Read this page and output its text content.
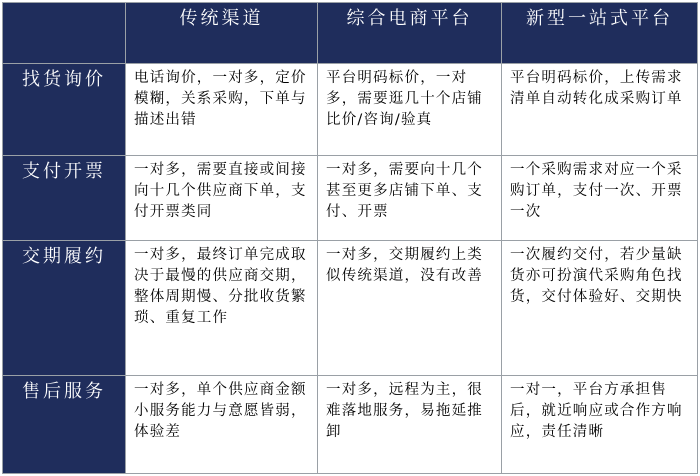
	传统渠道	综合电商平台	新型一站式平台
找货询价	电话询价，一对多，定价模糊，关系采购，下单与描述出错	平台明码标价，一对多，需要逛几十个店铺比价/咨询/验真	平台明码标价，上传需求清单自动转化成采购订单
支付开票	一对多，需要直接或间接向十几个供应商下单，支付开票类同	一对多，需要向十几个甚至更多店铺下单、支付、开票	一个采购需求对应一个采购订单，支付一次、开票一次
交期履约	一对多，最终订单完成取决于最慢的供应商交期，整体周期慢、分批收货繁琐、重复工作	一对多，交期履约上类似传统渠道，没有改善	一次履约交付，若少量缺货亦可扮演代采购角色找货，交付体验好、交期快
售后服务	一对多，单个供应商金额小服务能力与意愿皆弱，体验差	一对多，远程为主，很难落地服务，易拖延推卸	一对一，平台方承担售后，就近响应或合作方响应，责任清晰
